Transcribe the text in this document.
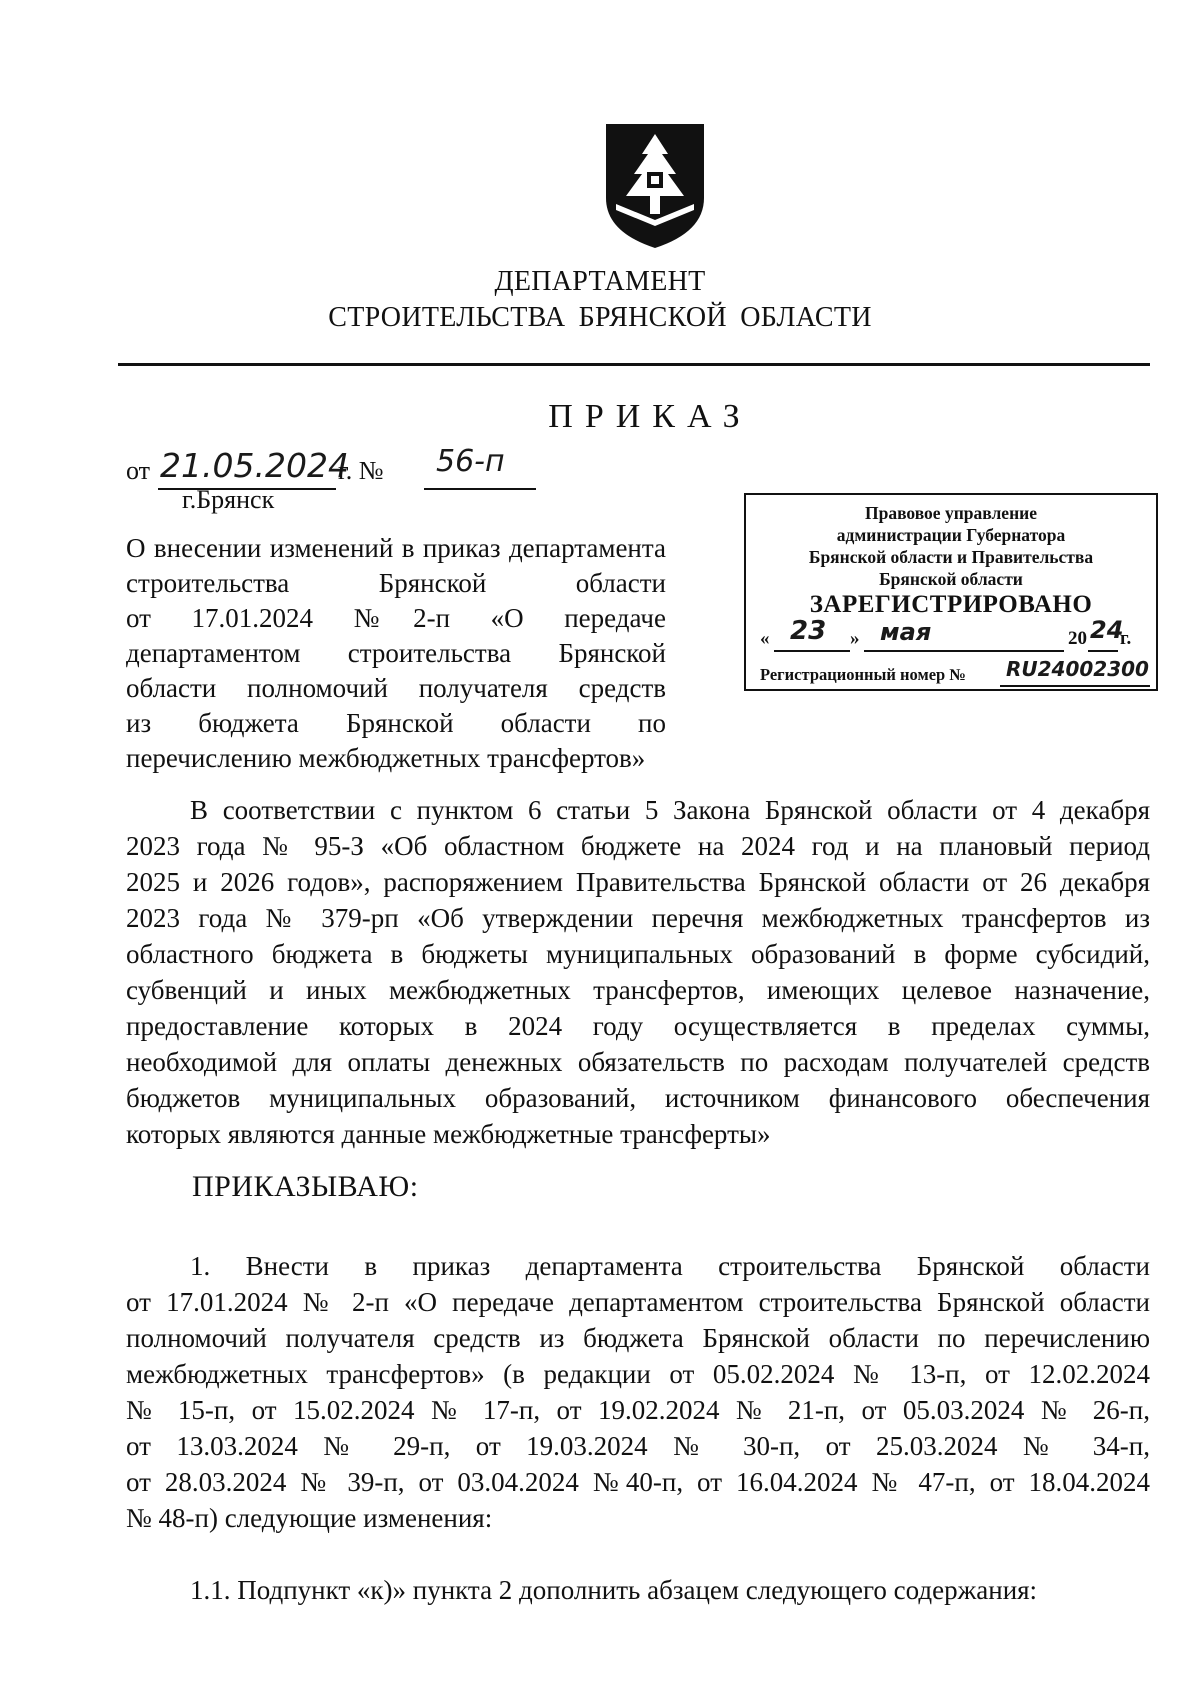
ДЕПАРТАМЕНТ
СТРОИТЕЛЬСТВА БРЯНСКОЙ ОБЛАСТИ
ПРИКАЗ
от 21.05.2024
г. № 56-п
г.Брянск	Правовое управление
администрации Губернатора
Брянской области и Правительства
Брянской области
ЗАРЕГИСТРИРОВАНО
« 23 » мая	20 24
г.
Регистрационный номер № RU24002300
О внесении изменений в приказ департамента
строительства Брянской области
от 17.01.2024 №2-п «О передаче
департаментом строительства Брянской
области полномочий получателя средств
из бюджета Брянской области по
перечислению межбюджетных трансфертов»
В соответствии с пунктом 6 статьи 5 Закона Брянской области от 4 декабря
2023 года № 95-З «Об областном бюджете на 2024 год и на плановый период
2025 и 2026 годов», распоряжением Правительства Брянской области от 26 декабря
2023 года № 379-рп «Об утверждении перечня межбюджетных трансфертов из
областного бюджета в бюджеты муниципальных образований в форме субсидий,
субвенций и иных межбюджетных трансфертов, имеющих целевое назначение,
предоставление которых в 2024 году осуществляется в пределах суммы,
необходимой для оплаты денежных обязательств по расходам получателей средств
бюджетов муниципальных образований, источником финансового обеспечения
которых являются данные межбюджетные трансферты»
ПРИКАЗЫВАЮ:
1. Внести в приказ департамента строительства Брянской области
от 17.01.2024 № 2-п «О передаче департаментом строительства Брянской области
полномочий получателя средств из бюджета Брянской области по перечислению
межбюджетных трансфертов» (в редакции от 05.02.2024 № 13-п, от 12.02.2024
№ 15-п, от 15.02.2024 № 17-п, от 19.02.2024 № 21-п, от 05.03.2024 № 26-п,
от 13.03.2024 № 29-п, от 19.03.2024 № 30-п, от 25.03.2024 № 34-п,
от 28.03.2024 № 39-п, от 03.04.2024 №40-п, от 16.04.2024 № 47-п, от 18.04.2024
№ 48-п) следующие изменения:
1.1. Подпункт «к)» пункта 2 дополнить абзацем следующего содержания:
